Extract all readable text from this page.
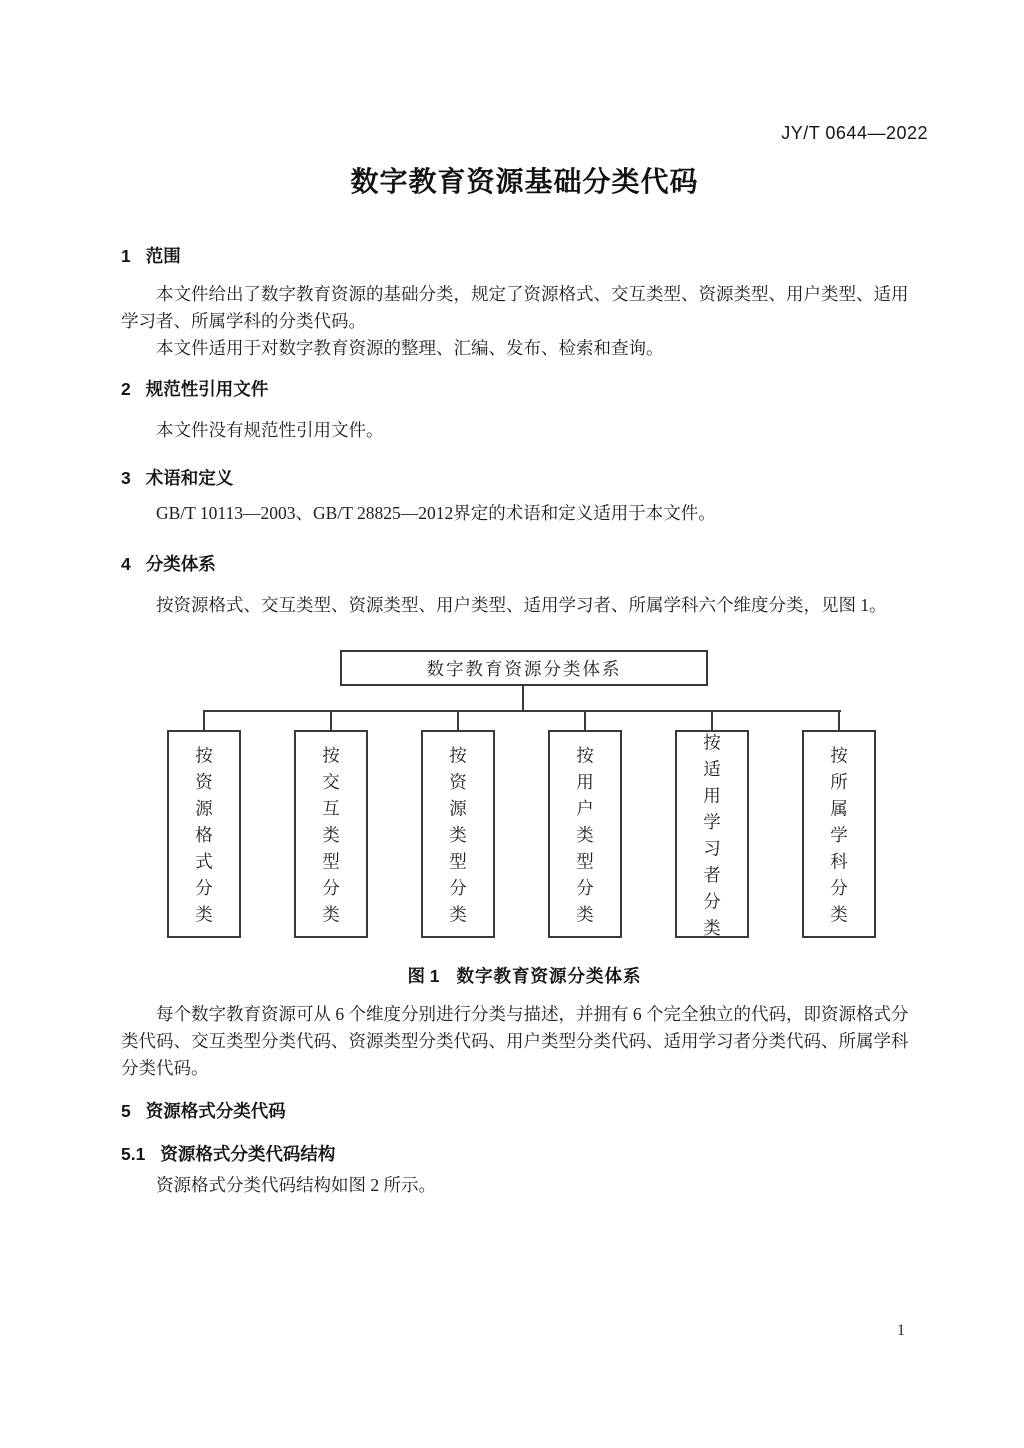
JY/T 0644—2022
数字教育资源基础分类代码
1 范围
本文件给出了数字教育资源的基础分类，规定了资源格式、交互类型、资源类型、用户类型、适用
学习者、所属学科的分类代码。
本文件适用于对数字教育资源的整理、汇编、发布、检索和查询。
2 规范性引用文件
本文件没有规范性引用文件。
3 术语和定义
GB/T 10113—2003、GB/T 28825—2012界定的术语和定义适用于本文件。
4 分类体系
按资源格式、交互类型、资源类型、用户类型、适用学习者、所属学科六个维度分类，见图 1。
数字教育资源分类体系
按资源格式分类	按交互类型分类	按资源类型分类	按用户类型分类	按适用学习者分类	按所属学科分类
图 1 数字教育资源分类体系
每个数字教育资源可从 6 个维度分别进行分类与描述，并拥有 6 个完全独立的代码，即资源格式分
类代码、交互类型分类代码、资源类型分类代码、用户类型分类代码、适用学习者分类代码、所属学科
分类代码。
5 资源格式分类代码
5.1 资源格式分类代码结构
资源格式分类代码结构如图 2 所示。
1
